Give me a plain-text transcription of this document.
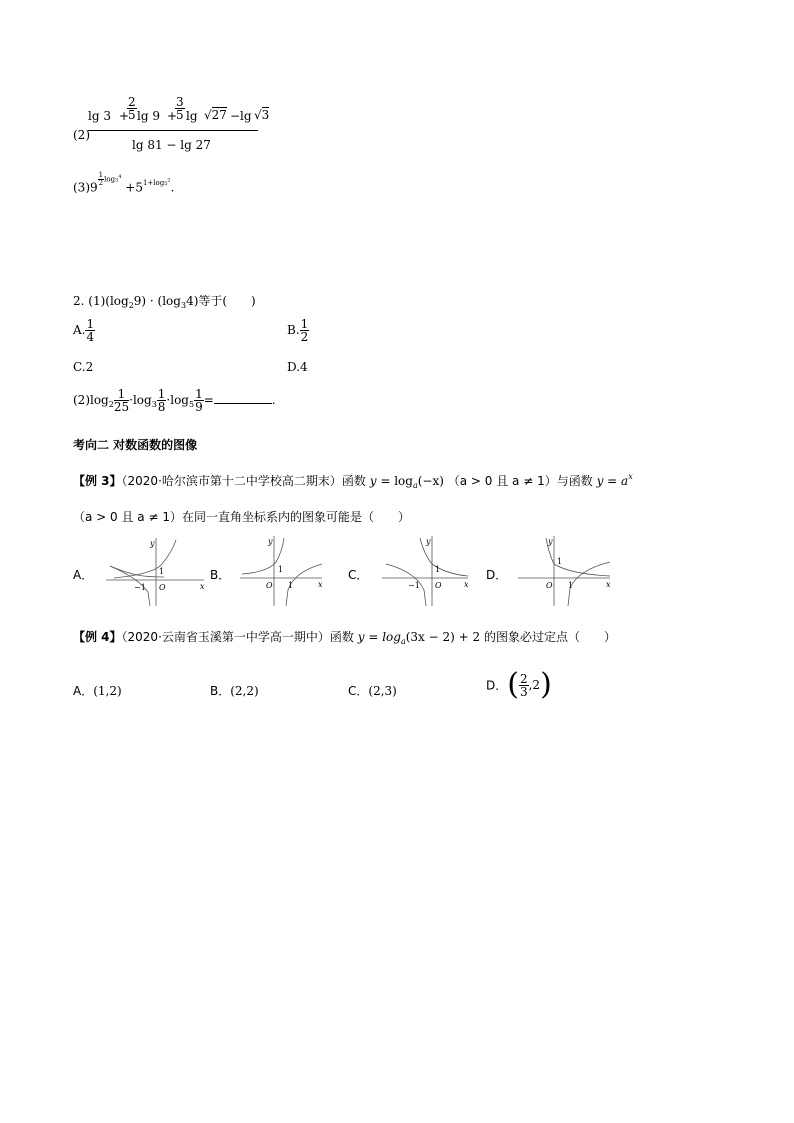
(2)
lg 3 +
$\frac{2}{5}$ lg 9 +
$\frac{3}{5}$ lg √27 − lg √3
lg 81 − lg 27
(3)9
$\frac{1}{2} \log 3^4 +5^{1+log5^2}$.
2. $(1)(\log_29) \cdot (\log_34)$等于(　　)
A. $\frac{1}{4}$	B. $\frac{1}{2}$
C.2	D.4
$(2)\log_2 \frac{1}{25} \cdot\log_3 \frac{1}{8} \cdot\log_5 \frac{1}{9}$ =	.
考向二 对数函数的图像
【例 3】（2020·哈尔滨市第十二中学校高二期末）函数 $y = \log_a(-x) (a > 0$ 且 a ≠ 1）与函数 $y = a^x$
（a > 0 且 a ≠ 1）在同一直角坐标系内的图象可能是（　　）
A．	B．	C．	D．
y
x
O
1
−1
y
x
O
1
1
y
x
O
1
−1
y
x
O
1
1
【例 4】（2020·云南省玉溪第一中学高一期中）函数 $y = \log_a(3x - 2) + 2$ 的图象必过定点（　　）
A．(1,2)	B．(2,2)	C．(2,3)	D．( $\frac{2}{3} ,2$)
